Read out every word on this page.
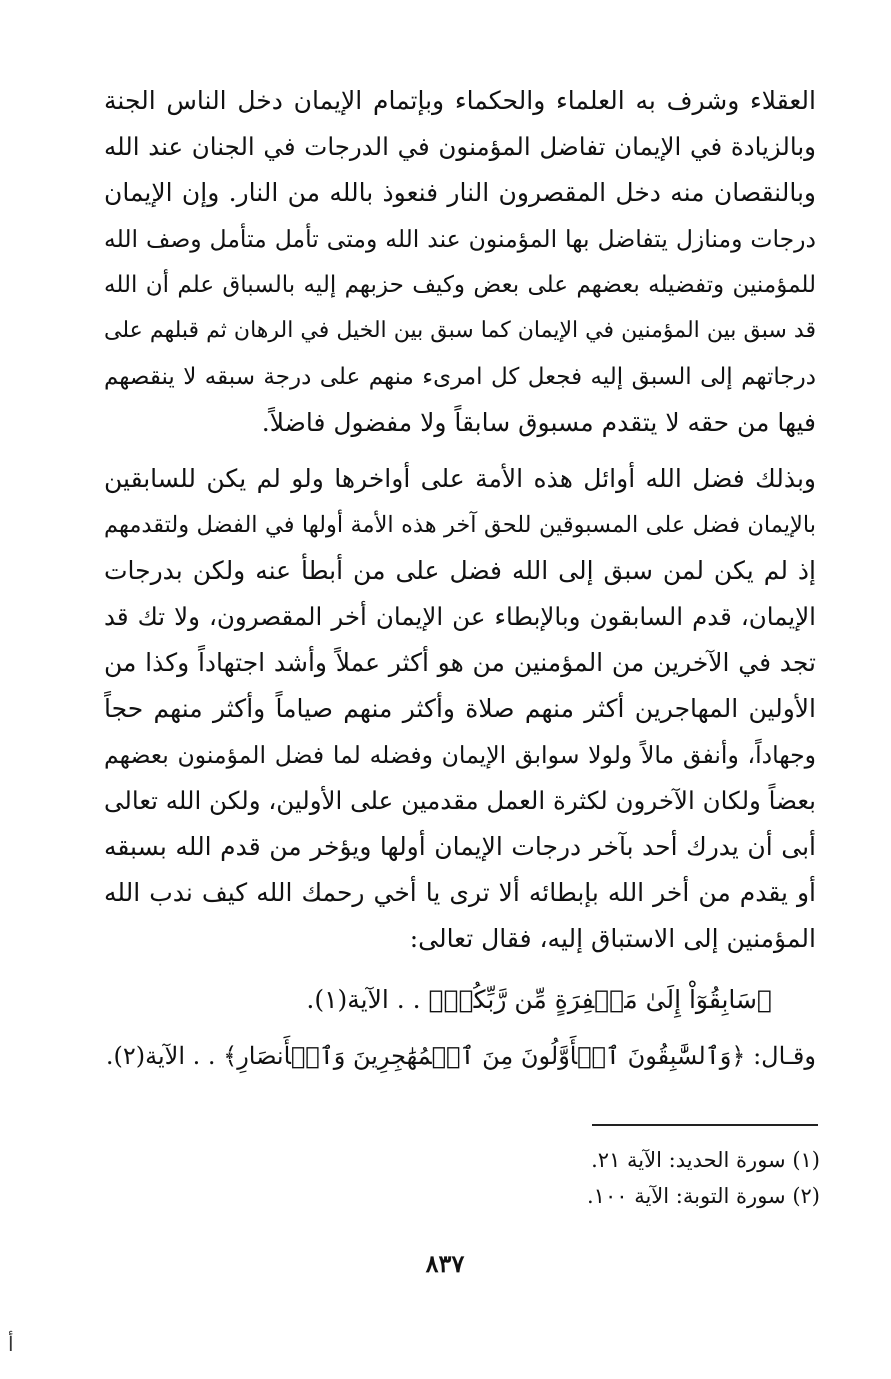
العقلاء وشرف به العلماء والحكماء وبإتمام الإيمان دخل الناس الجنة
وبالزيادة في الإيمان تفاضل المؤمنون في الدرجات في الجنان عند الله
وبالنقصان منه دخل المقصرون النار فنعوذ بالله من النار. وإن الإيمان
درجات ومنازل يتفاضل بها المؤمنون عند الله ومتى تأمل متأمل وصف الله
للمؤمنين وتفضيله بعضهم على بعض وكيف حزبهم إليه بالسباق علم أن الله
قد سبق بين المؤمنين في الإيمان كما سبق بين الخيل في الرهان ثم قبلهم على
درجاتهم إلى السبق إليه فجعل كل امرىء منهم على درجة سبقه لا ينقصهم
فيها من حقه لا يتقدم مسبوق سابقاً ولا مفضول فاضلاً.
وبذلك فضل الله أوائل هذه الأمة على أواخرها ولو لم يكن للسابقين
بالإيمان فضل على المسبوقين للحق آخر هذه الأمة أولها في الفضل ولتقدمهم
إذ لم يكن لمن سبق إلى الله فضل على من أبطأ عنه ولكن بدرجات
الإيمان، قدم السابقون وبالإبطاء عن الإيمان أخر المقصرون، ولا تك قد
تجد في الآخرين من المؤمنين من هو أكثر عملاً وأشد اجتهاداً وكذا من
الأولين المهاجرين أكثر منهم صلاة وأكثر منهم صياماً وأكثر منهم حجاً
وجهاداً، وأنفق مالاً ولولا سوابق الإيمان وفضله لما فضل المؤمنون بعضهم
بعضاً ولكان الآخرون لكثرة العمل مقدمين على الأولين، ولكن الله تعالى
أبى أن يدرك أحد بآخر درجات الإيمان أولها ويؤخر من قدم الله بسبقه
أو يقدم من أخر الله بإبطائه ألا ترى يا أخي رحمك الله كيف ندب الله
المؤمنين إلى الاستباق إليه، فقال تعالى:
﴿سَابِقُوٓاْ إِلَىٰ مَغۡفِرَةٍ مِّن رَّبِّكُمۡ﴾ . . الآية(١).
وقـال: ﴿وَٱلسَّٰبِقُونَ ٱلۡأَوَّلُونَ مِنَ ٱلۡمُهَٰجِرِينَ وَٱلۡأَنصَارِ﴾ . . الآية(٢).
(١) سورة الحديد: الآية ٢١.
(٢) سورة التوبة: الآية ١٠٠.
٨٣٧
أ
